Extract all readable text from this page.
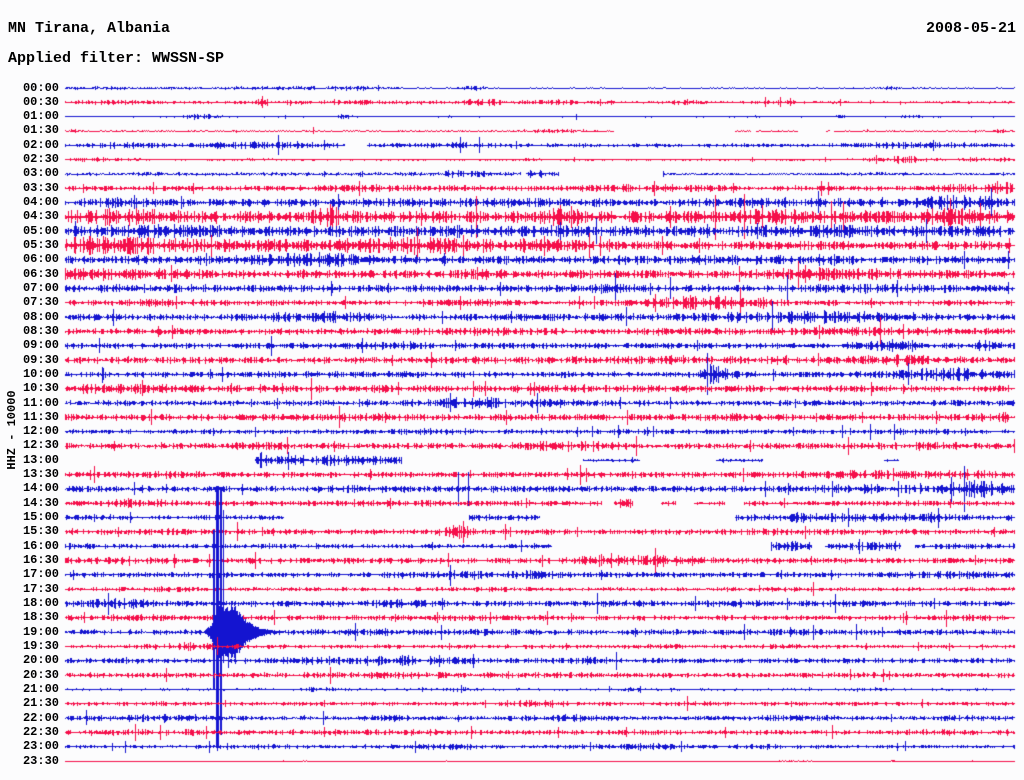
MN Tirana, Albania
Applied filter: WWSSN-SP
2008-05-21
HHZ - 10000
00:00
00:30
01:00
01:30
02:00
02:30
03:00
03:30
04:00
04:30
05:00
05:30
06:00
06:30
07:00
07:30
08:00
08:30
09:00
09:30
10:00
10:30
11:00
11:30
12:00
12:30
13:00
13:30
14:00
14:30
15:00
15:30
16:00
16:30
17:00
17:30
18:00
18:30
19:00
19:30
20:00
20:30
21:00
21:30
22:00
22:30
23:00
23:30
